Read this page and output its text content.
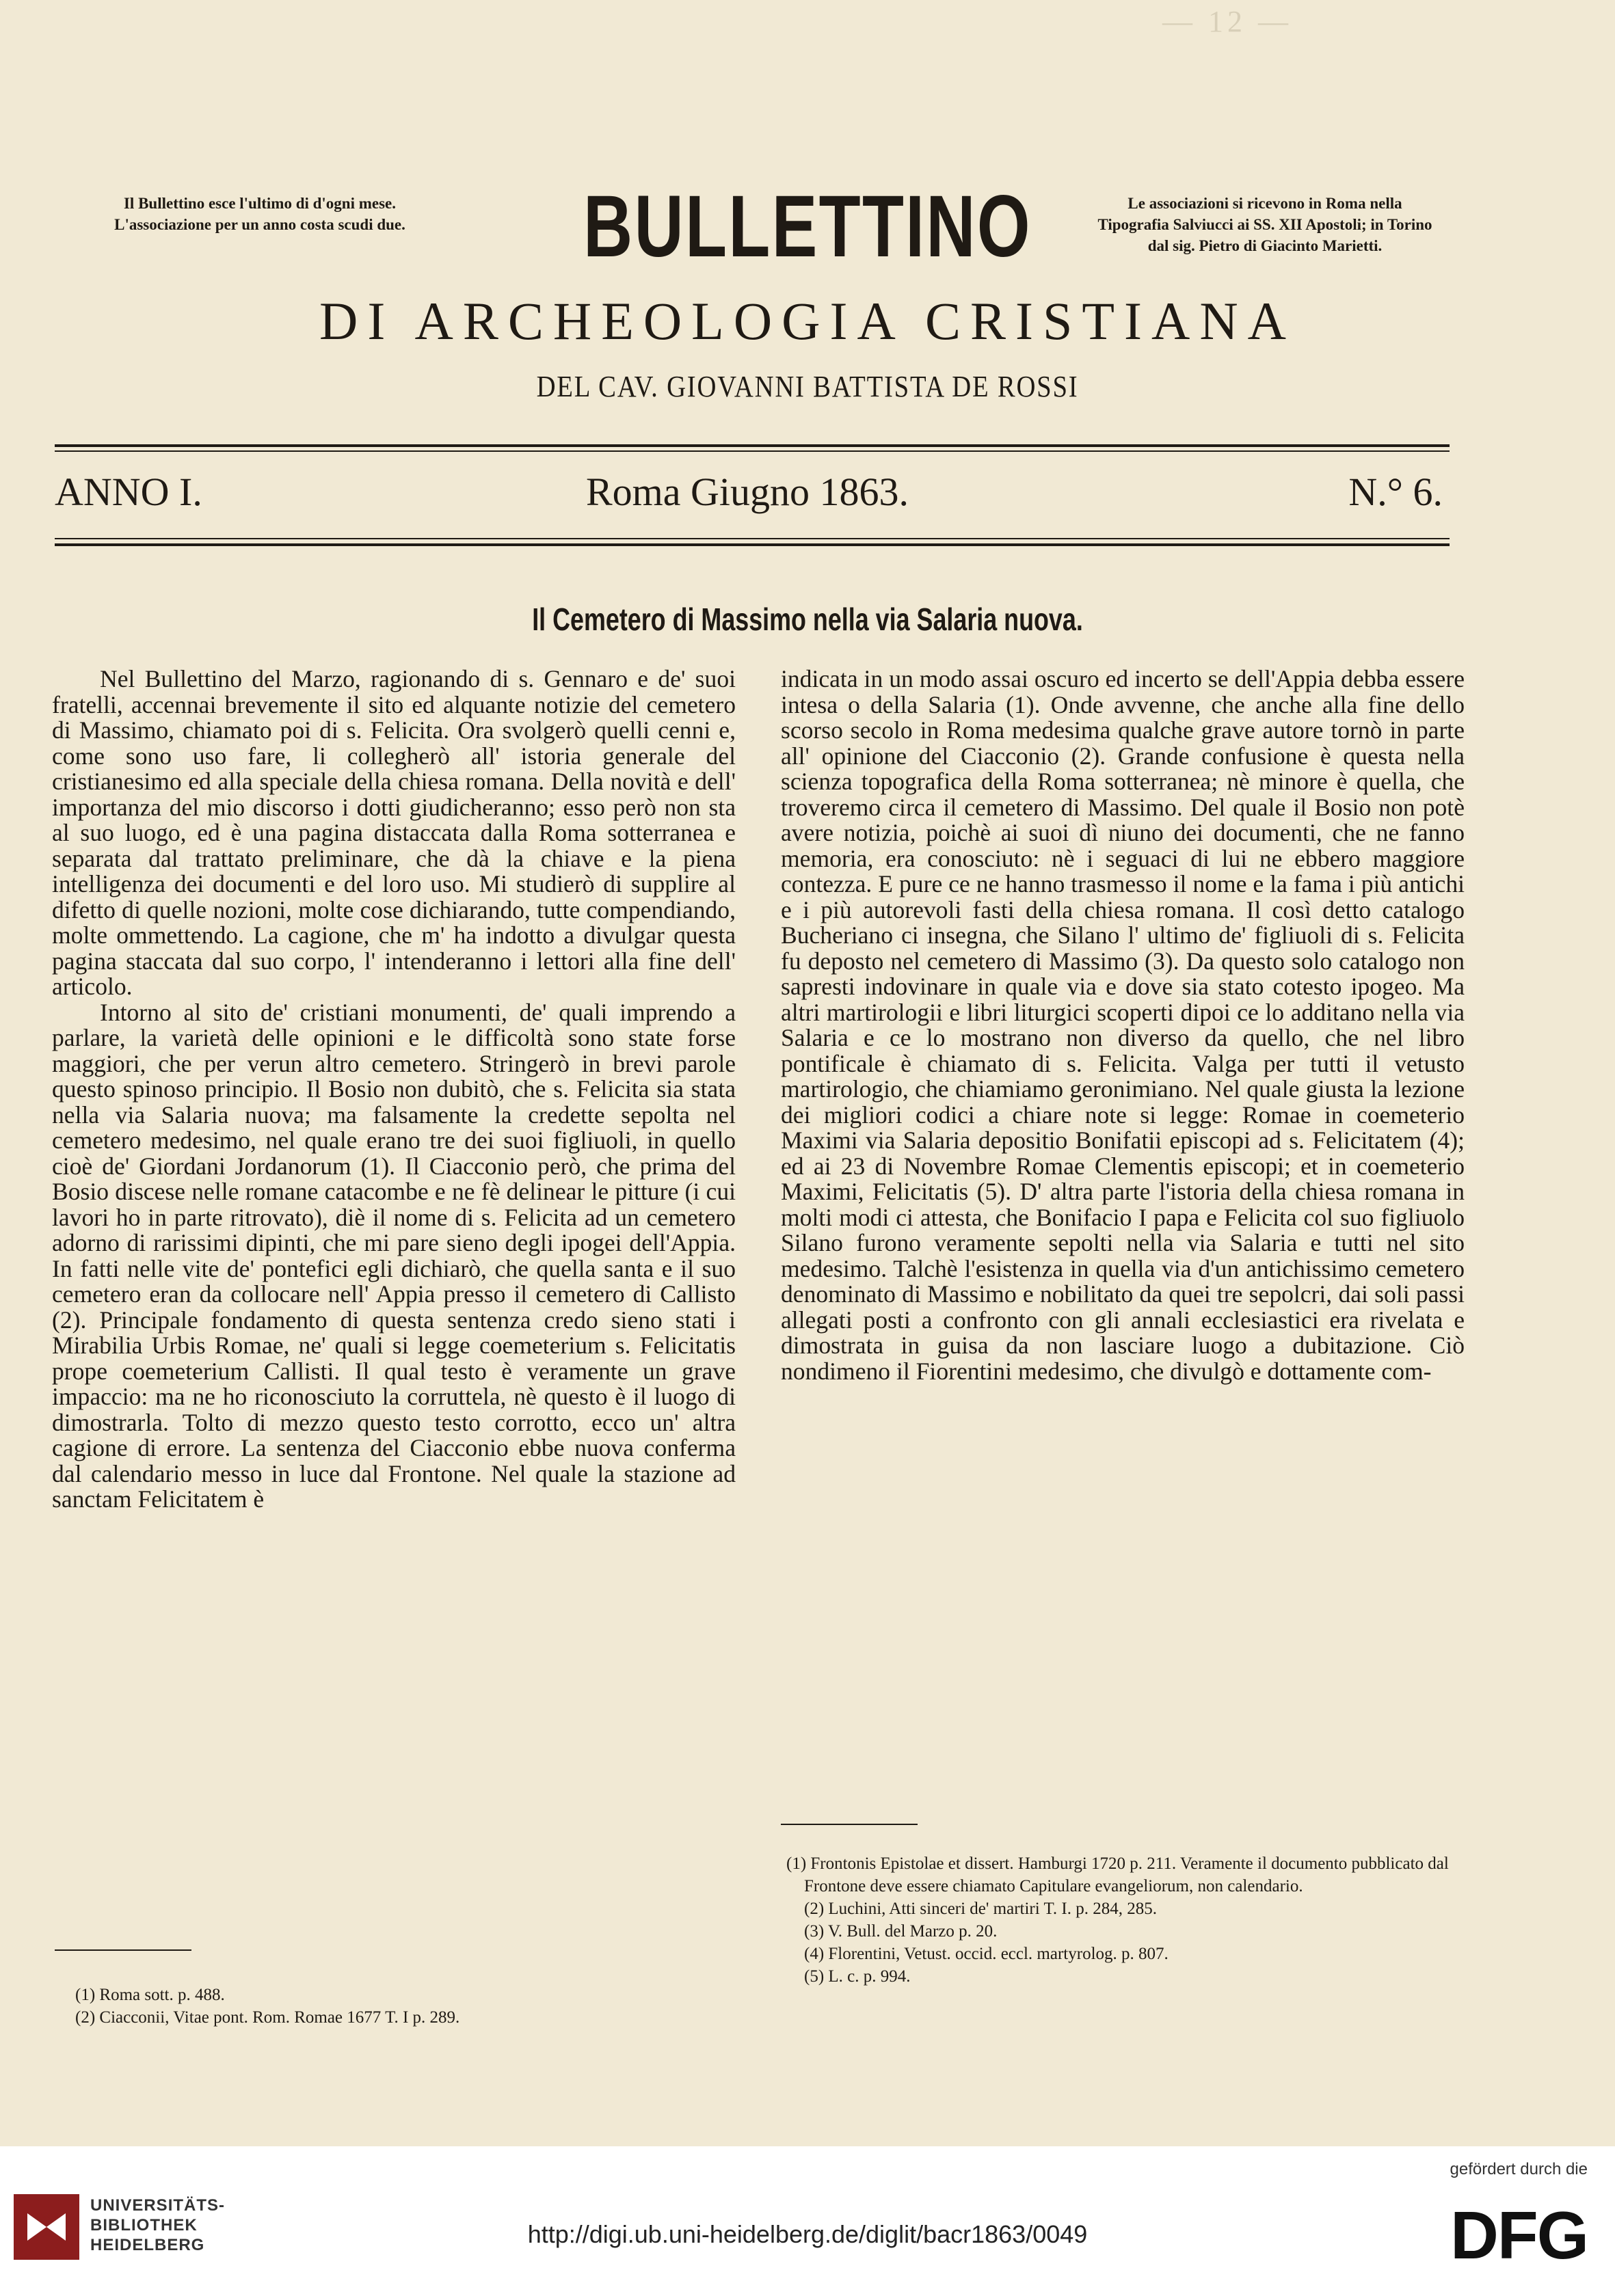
— 12 —
Il Bullettino esce l'ultimo di d'ogni mese.
L'associazione per un anno costa scudi due.
Le associazioni si ricevono in Roma nella
Tipografia Salviucci ai SS. XII Apostoli; in Torino
dal sig. Pietro di Giacinto Marietti.
BULLETTINO
DI ARCHEOLOGIA CRISTIANA
DEL CAV. GIOVANNI BATTISTA DE ROSSI
ANNO I.	Roma Giugno 1863.	N.° 6.
Il Cemetero di Massimo nella via Salaria nuova.

Nel Bullettino del Marzo, ragionando di s. Gennaro e de' suoi fratelli, accennai brevemente il sito ed alquante notizie del cemetero di Massimo, chiamato poi di s. Felicita. Ora svolgerò quelli cenni e, come sono uso fare, li collegherò all' istoria generale del cristianesimo ed alla speciale della chiesa romana. Della novità e dell' importanza del mio discorso i dotti giudicheranno; esso però non sta al suo luogo, ed è una pagina distaccata dalla Roma sotterranea e separata dal trattato preliminare, che dà la chiave e la piena intelligenza dei documenti e del loro uso. Mi studierò di supplire al difetto di quelle nozioni, molte cose dichiarando, tutte compendiando, molte ommettendo. La cagione, che m' ha indotto a divulgar questa pagina staccata dal suo corpo, l' intenderanno i lettori alla fine dell' articolo.

Intorno al sito de' cristiani monumenti, de' quali imprendo a parlare, la varietà delle opinioni e le difficoltà sono state forse maggiori, che per verun altro cemetero. Stringerò in brevi parole questo spinoso principio. Il Bosio non dubitò, che s. Felicita sia stata nella via Salaria nuova; ma falsamente la credette sepolta nel cemetero medesimo, nel quale erano tre dei suoi figliuoli, in quello cioè de' Giordani Jordanorum (1). Il Ciacconio però, che prima del Bosio discese nelle romane catacombe e ne fè delinear le pitture (i cui lavori ho in parte ritrovato), diè il nome di s. Felicita ad un cemetero adorno di rarissimi dipinti, che mi pare sieno degli ipogei dell'Appia. In fatti nelle vite de' pontefici egli dichiarò, che quella santa e il suo cemetero eran da collocare nell' Appia presso il cemetero di Callisto (2). Principale fondamento di questa sentenza credo sieno stati i Mirabilia Urbis Romae, ne' quali si legge coemeterium s. Felicitatis prope coemeterium Callisti. Il qual testo è veramente un grave impaccio: ma ne ho riconosciuto la corruttela, nè questo è il luogo di dimostrarla. Tolto di mezzo questo testo corrotto, ecco un' altra cagione di errore. La sentenza del Ciacconio ebbe nuova conferma dal calendario messo in luce dal Frontone. Nel quale la stazione ad sanctam Felicitatem è

indicata in un modo assai oscuro ed incerto se dell'Appia debba essere intesa o della Salaria (1). Onde avvenne, che anche alla fine dello scorso secolo in Roma medesima qualche grave autore tornò in parte all' opinione del Ciacconio (2). Grande confusione è questa nella scienza topografica della Roma sotterranea; nè minore è quella, che troveremo circa il cemetero di Massimo. Del quale il Bosio non potè avere notizia, poichè ai suoi dì niuno dei documenti, che ne fanno memoria, era conosciuto: nè i seguaci di lui ne ebbero maggiore contezza. E pure ce ne hanno trasmesso il nome e la fama i più antichi e i più autorevoli fasti della chiesa romana. Il così detto catalogo Bucheriano ci insegna, che Silano l' ultimo de' figliuoli di s. Felicita fu deposto nel cemetero di Massimo (3). Da questo solo catalogo non sapresti indovinare in quale via e dove sia stato cotesto ipogeo. Ma altri martirologii e libri liturgici scoperti dipoi ce lo additano nella via Salaria e ce lo mostrano non diverso da quello, che nel libro pontificale è chiamato di s. Felicita. Valga per tutti il vetusto martirologio, che chiamiamo geronimiano. Nel quale giusta la lezione dei migliori codici a chiare note si legge: Romae in coemeterio Maximi via Salaria depositio Bonifatii episcopi ad s. Felicitatem (4); ed ai 23 di Novembre Romae Clementis episcopi; et in coemeterio Maximi, Felicitatis (5). D' altra parte l'istoria della chiesa romana in molti modi ci attesta, che Bonifacio I papa e Felicita col suo figliuolo Silano furono veramente sepolti nella via Salaria e tutti nel sito medesimo. Talchè l'esistenza in quella via d'un antichissimo cemetero denominato di Massimo e nobilitato da quei tre sepolcri, dai soli passi allegati posti a confronto con gli annali ecclesiastici era rivelata e dimostrata in guisa da non lasciare luogo a dubitazione. Ciò nondimeno il Fiorentini medesimo, che divulgò e dottamente com-

(1) Roma sott. p. 488.
(2) Ciacconii, Vitae pont. Rom. Romae 1677 T. I p. 289.
(1) Frontonis Epistolae et dissert. Hamburgi 1720 p. 211. Veramente il documento pubblicato dal Frontone deve essere chiamato Capitulare evangeliorum, non calendario.
(2) Luchini, Atti sinceri de' martiri T. I. p. 284, 285.
(3) V. Bull. del Marzo p. 20.
(4) Florentini, Vetust. occid. eccl. martyrolog. p. 807.
(5) L. c. p. 994.
UNIVERSITÄTS-
BIBLIOTHEK
HEIDELBERG	http://digi.ub.uni-heidelberg.de/diglit/bacr1863/0049
gefördert durch die
DFG
